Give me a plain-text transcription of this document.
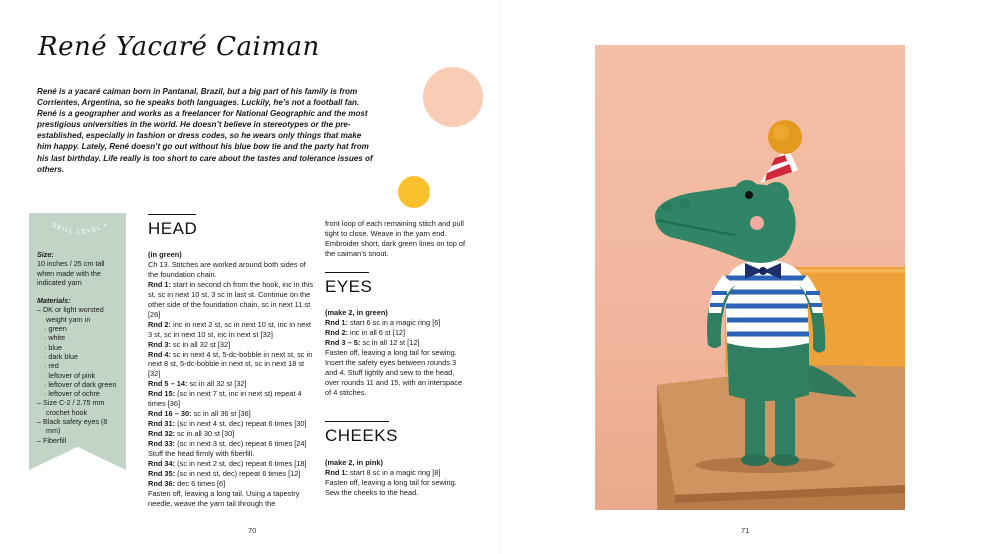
René Yacaré Caiman
René is a yacaré caiman born in Pantanal, Brazil, but a big part of his family is from Corrientes, Argentina, so he speaks both languages. Luckily, he’s not a football fan. René is a geographer and works as a freelancer for National Geographic and the most prestigious universities in the world. He doesn’t believe in stereotypes or the pre-established, especially in fashion or dress codes, so he wears only things that make him happy. Lately, René doesn’t go out without his blue bow tie and the party hat from his last birthday. Life really is too short to care about the tastes and tolerance issues of others.
SKILL LEVEL •
Size:
10 inches / 25 cm tall when made with the indicated yarn
Materials:
– DK or light worsted weight yarn in
· green
· white
· blue
· dark blue
· red
· leftover of pink
· leftover of dark green
· leftover of ochre
– Size C-2 / 2.75 mm crochet hook
– Black safety eyes (8 mm)
– Fiberfill
HEAD
(in green)
Ch 13. Stitches are worked around both sides of the foundation chain.
Rnd 1: start in second ch from the hook, inc in this st, sc in next 10 st, 3 sc in last st. Continue on the other side of the foundation chain, sc in next 11 st [26]
Rnd 2: inc in next 2 st, sc in next 10 st, inc in next 3 st, sc in next 10 st, inc in next st [32]
Rnd 3: sc in all 32 st [32]
Rnd 4: sc in next 4 st, 5-dc-bobble in next st, sc in next 8 st, 5-dc-bobble in next st, sc in next 18 st [32]
Rnd 5 – 14: sc in all 32 st [32]
Rnd 15: (sc in next 7 st, inc in next st) repeat 4 times [36]
Rnd 16 – 30: sc in all 36 st [36]
Rnd 31: (sc in next 4 st, dec) repeat 6 times [30]
Rnd 32: sc in all 30 st [30]
Rnd 33: (sc in next 3 st, dec) repeat 6 times [24]
Stuff the head firmly with fiberfill.
Rnd 34: (sc in next 2 st, dec) repeat 6 times [18]
Rnd 35: (sc in next st, dec) repeat 6 times [12]
Rnd 36: dec 6 times [6]
Fasten off, leaving a long tail. Using a tapestry needle, weave the yarn tail through the
front loop of each remaining stitch and pull tight to close. Weave in the yarn end. Embroider short, dark green lines on top of the caiman’s snout.
EYES
(make 2, in green)
Rnd 1: start 6 sc in a magic ring [6]
Rnd 2: inc in all 6 st [12]
Rnd 3 – 5: sc in all 12 st [12]
Fasten off, leaving a long tail for sewing. Insert the safety eyes between rounds 3 and 4. Stuff lightly and sew to the head, over rounds 11 and 15, with an interspace of 4 stitches.
CHEEKS
(make 2, in pink)
Rnd 1: start 8 sc in a magic ring [8]
Fasten off, leaving a long tail for sewing. Sew the cheeks to the head.
70	71
